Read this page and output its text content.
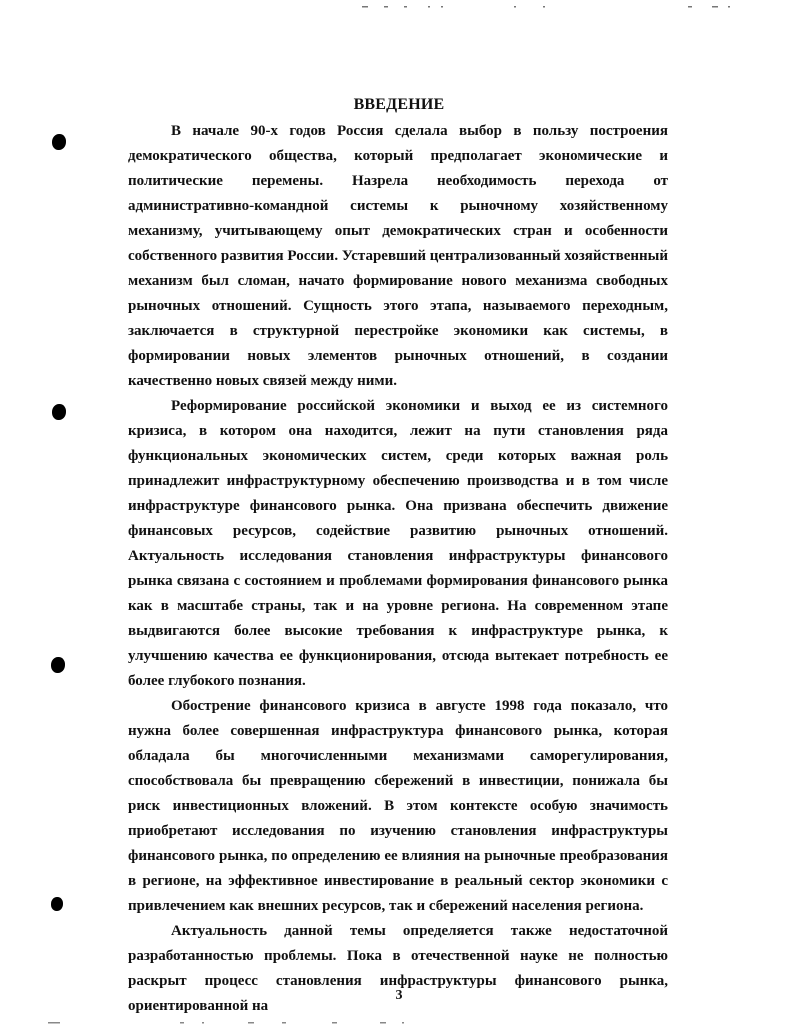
ВВЕДЕНИЕ

В начале 90-х годов Россия сделала выбор в пользу построения демократического общества, который предполагает экономические и политические перемены. Назрела необходимость перехода от административно-командной системы к рыночному хозяйственному механизму, учитывающему опыт демократических стран и особенности собственного развития России. Устаревший централизованный хозяйственный механизм был сломан, начато формирование нового механизма свободных рыночных отношений. Сущность этого этапа, называемого переходным, заключается в структурной перестройке экономики как системы, в формировании новых элементов рыночных отношений, в создании качественно новых связей между ними.

Реформирование российской экономики и выход ее из системного кризиса, в котором она находится, лежит на пути становления ряда функциональных экономических систем, среди которых важная роль принадлежит инфраструктурному обеспечению производства и в том числе инфраструктуре финансового рынка. Она призвана обеспечить движение финансовых ресурсов, содействие развитию рыночных отношений. Актуальность исследования становления инфраструктуры финансового рынка связана с состоянием и проблемами формирования финансового рынка как в масштабе страны, так и на уровне региона. На современном этапе выдвигаются более высокие требования к инфраструктуре рынка, к улучшению качества ее функционирования, отсюда вытекает потребность ее более глубокого познания.

Обострение финансового кризиса в августе 1998 года показало, что нужна более совершенная инфраструктура финансового рынка, которая обладала бы многочисленными механизмами саморегулирования, способствовала бы превращению сбережений в инвестиции, понижала бы риск инвестиционных вложений. В этом контексте особую значимость приобретают исследования по изучению становления инфраструктуры финансового рынка, по определению ее влияния на рыночные преобразования в регионе, на эффективное инвестирование в реальный сектор экономики с привлечением как внешних ресурсов, так и сбережений населения региона.

Актуальность данной темы определяется также недостаточной разработанностью проблемы. Пока в отечественной науке не полностью раскрыт процесс становления инфраструктуры финансового рынка, ориентированной на

3
